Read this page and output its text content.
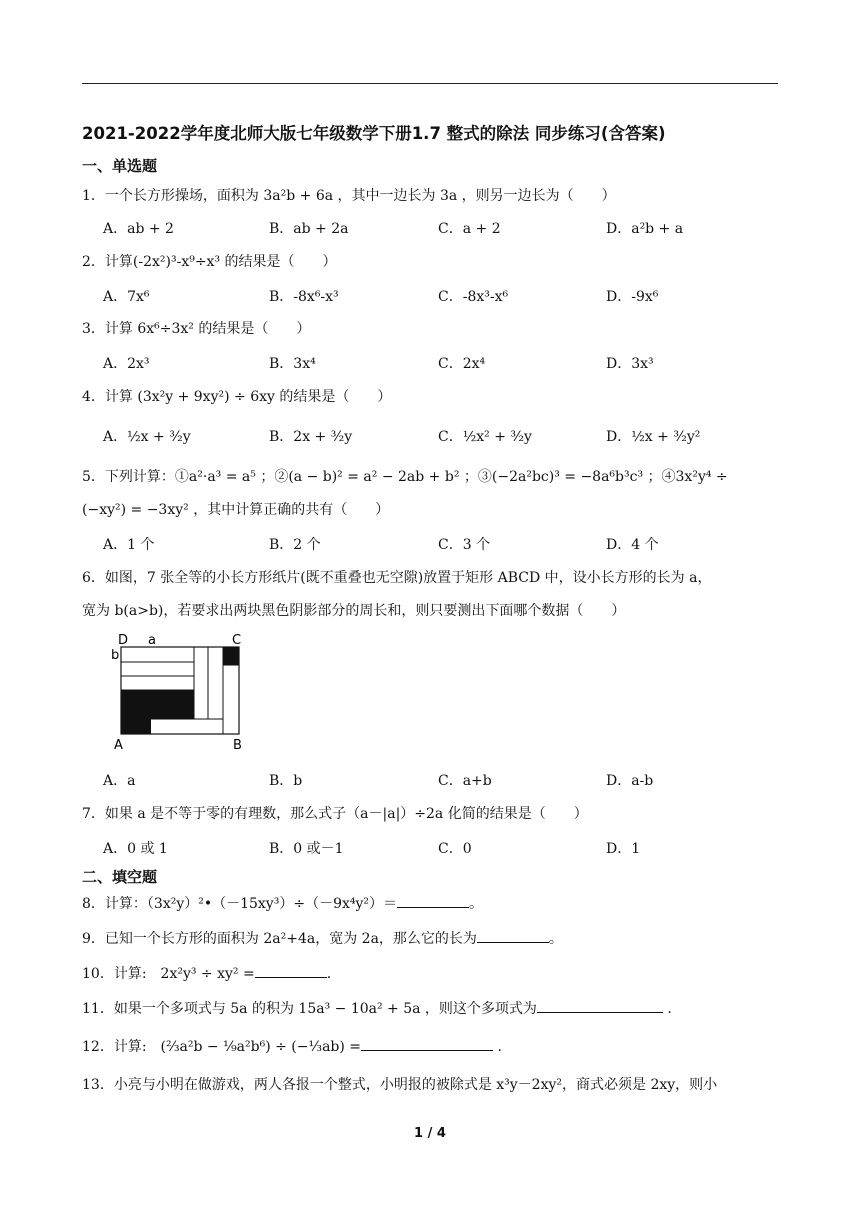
2021-2022学年度北师大版七年级数学下册1.7 整式的除法 同步练习(含答案)
一、单选题
1．一个长方形操场，面积为 3a²b + 6a ，其中一边长为 3a ，则另一边长为（　　）
A．ab + 2	B．ab + 2a	C．a + 2	D．a²b + a
2．计算(-2x²)³-x⁹÷x³ 的结果是（　　）
A．7x⁶	B．-8x⁶-x³	C．-8x³-x⁶	D．-9x⁶
3．计算 6x⁶÷3x² 的结果是（　　）
A．2x³	B．3x⁴	C．2x⁴	D．3x³
4．计算 (3x²y + 9xy²) ÷ 6xy 的结果是（　　）
A．½x + ³⁄₂y	B．2x + ³⁄₂y	C．½x² + ³⁄₂y	D．½x + ³⁄₂y²
5．下列计算：①a²·a³ = a⁵ ；②(a − b)² = a² − 2ab + b² ；③(−2a²bc)³ = −8a⁶b³c³ ；④3x²y⁴ ÷
(−xy²) = −3xy² ，其中计算正确的共有（　　）
A．1 个	B．2 个	C．3 个	D．4 个
6．如图，7 张全等的小长方形纸片(既不重叠也无空隙)放置于矩形 ABCD 中，设小长方形的长为 a，
宽为 b(a>b)，若要求出两块黑色阴影部分的周长和，则只要测出下面哪个数据（　　）
D a	C
b
A	B
A．a	B．b	C．a+b	D．a-b
7．如果 a 是不等于零的有理数，那么式子（a－|a|）÷2a 化简的结果是（　　）
A．0 或 1	B．0 或－1	C．0	D．1
二、填空题
8．计算：（3x²y）²•（－15xy³）÷（－9x⁴y²）＝	。
9．已知一个长方形的面积为 2a²+4a，宽为 2a，那么它的长为	。
10．计算:　2x²y³ ÷ xy² =	.
11．如果一个多项式与 5a 的积为 15a³ − 10a² + 5a ，则这个多项式为	.
12．计算:　(⅔a²b − ⅑a²b⁶) ÷ (−⅓ab) =	.
13．小亮与小明在做游戏，两人各报一个整式，小明报的被除式是 x³y－2xy²，商式必须是 2xy，则小
1 / 4
